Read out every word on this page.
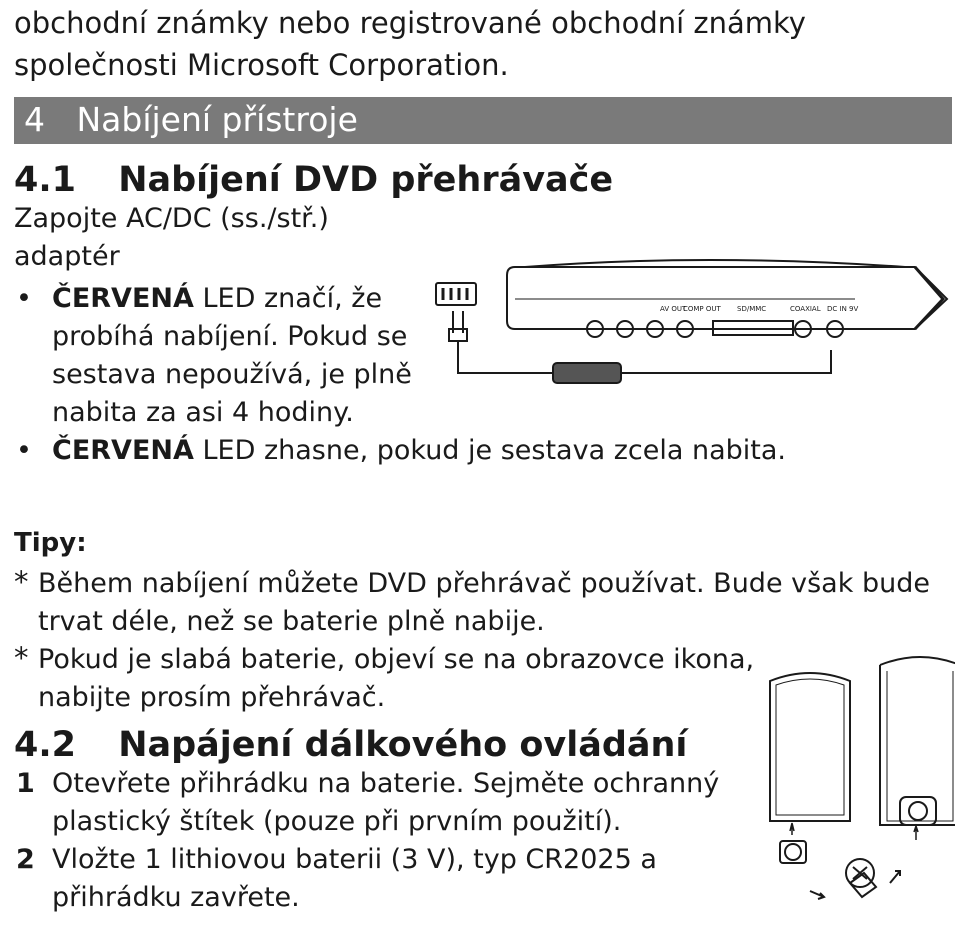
obchodní známky nebo registrované obchodní známky společnosti Microsoft Corporation.
4 Nabíjení přístroje
4.1 Nabíjení DVD přehrávače
Zapojte AC/DC (ss./stř.) adaptér
• ČERVENÁ LED značí, že probíhá nabíjení. Pokud se sestava nepoužívá, je plně nabita za asi 4 hodiny.
• ČERVENÁ LED zhasne, pokud je sestava zcela nabita.
AV OUT
COMP OUT SD/MMC	COAXIAL DC IN 9V
Tipy:
* Během nabíjení můžete DVD přehrávač používat. Bude však bude trvat déle, než se baterie plně nabije.
* Pokud je slabá baterie, objeví se na obrazovce ikona, nabijte prosím přehrávač.
4.2 Napájení dálkového ovládání
1 Otevřete přihrádku na baterie. Sejměte ochranný plastický štítek (pouze při prvním použití).
2 Vložte 1 lithiovou baterii (3 V), typ CR2025 a přihrádku zavřete.
